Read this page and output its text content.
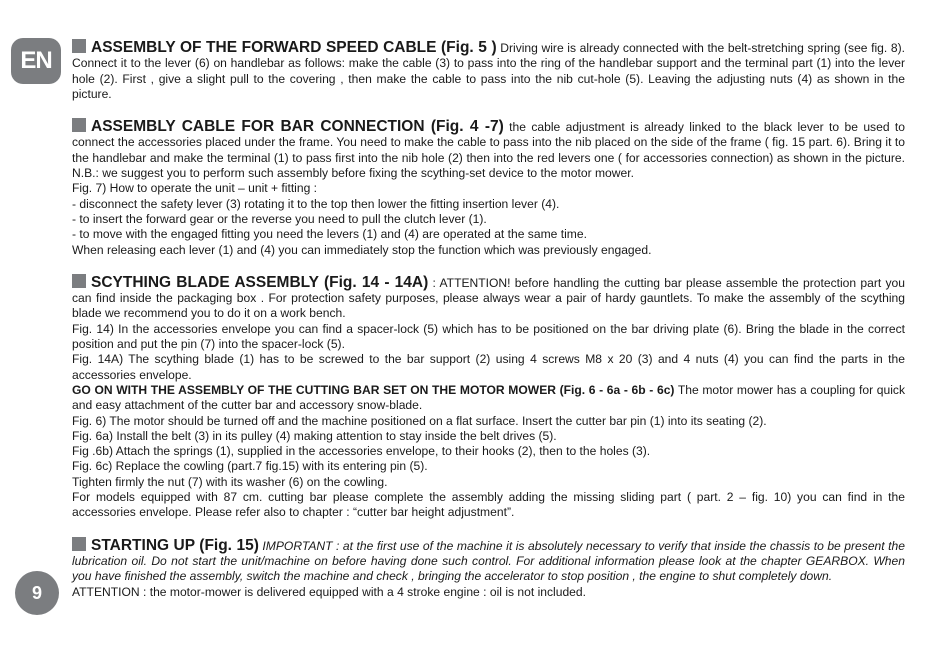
EN	ASSEMBLY OF THE FORWARD SPEED CABLE (Fig. 5 ) Driving wire is already connected with the belt-stretching spring (see fig. 8). Connect it to the lever (6) on handlebar as follows: make the cable (3) to pass into the ring of the handlebar support and the terminal part (1) into the lever hole (2). First , give a slight pull to the covering , then make the cable to pass into the nib cut-hole (5). Leaving the adjusting nuts (4) as shown in the picture.

ASSEMBLY CABLE FOR BAR CONNECTION (Fig. 4 -7) the cable adjustment is already linked to the black lever to be used to connect the accessories placed under the frame. You need to make the cable to pass into the nib placed on the side of the frame ( fig. 15 part. 6). Bring it to the handlebar and make the terminal (1) to pass first into the nib hole (2) then into the red levers one ( for accessories connection) as shown in the picture. N.B.: we suggest you to perform such assembly before fixing the scything-set device to the motor mower.

Fig. 7) How to operate the unit – unit + fitting :

- disconnect the safety lever (3) rotating it to the top then lower the fitting insertion lever (4).

- to insert the forward gear or the reverse you need to pull the clutch lever (1).

- to move with the engaged fitting you need the levers (1) and (4) are operated at the same time.

When releasing each lever (1) and (4) you can immediately stop the function which was previously engaged.

SCYTHING BLADE ASSEMBLY (Fig. 14 - 14A) : ATTENTION! before handling the cutting bar please assemble the protection part you can find inside the packaging box . For protection safety purposes, please always wear a pair of hardy gauntlets. To make the assembly of the scything blade we recommend you to do it on a work bench.

Fig. 14) In the accessories envelope you can find a spacer-lock (5) which has to be positioned on the bar driving plate (6). Bring the blade in the correct position and put the pin (7) into the spacer-lock (5).

Fig. 14A) The scything blade (1) has to be screwed to the bar support (2) using 4 screws M8 x 20 (3) and 4 nuts (4) you can find the parts in the accessories envelope.

GO ON WITH THE ASSEMBLY OF THE CUTTING BAR SET ON THE MOTOR MOWER (Fig. 6 - 6a - 6b - 6c) The motor mower has a coupling for quick and easy attachment of the cutter bar and accessory snow-blade.

Fig. 6) The motor should be turned off and the machine positioned on a flat surface. Insert the cutter bar pin (1) into its seating (2).

Fig. 6a) Install the belt (3) in its pulley (4) making attention to stay inside the belt drives (5).

Fig .6b) Attach the springs (1), supplied in the accessories envelope, to their hooks (2), then to the holes (3).

Fig. 6c) Replace the cowling (part.7 fig.15) with its entering pin (5).

Tighten firmly the nut (7) with its washer (6) on the cowling.

For models equipped with 87 cm. cutting bar please complete the assembly adding the missing sliding part ( part. 2 – fig. 10) you can find in the accessories envelope. Please refer also to chapter : “cutter bar height adjustment”.

STARTING UP (Fig. 15) IMPORTANT : at the first use of the machine it is absolutely necessary to verify that inside the chassis to be present the lubrication oil. Do not start the unit/machine on before having done such control. For additional information please look at the chapter GEARBOX. When you have finished the assembly, switch the machine and check , bringing the accelerator to stop position , the engine to shut completely down.

ATTENTION : the motor-mower is delivered equipped with a 4 stroke engine : oil is not included.

9
